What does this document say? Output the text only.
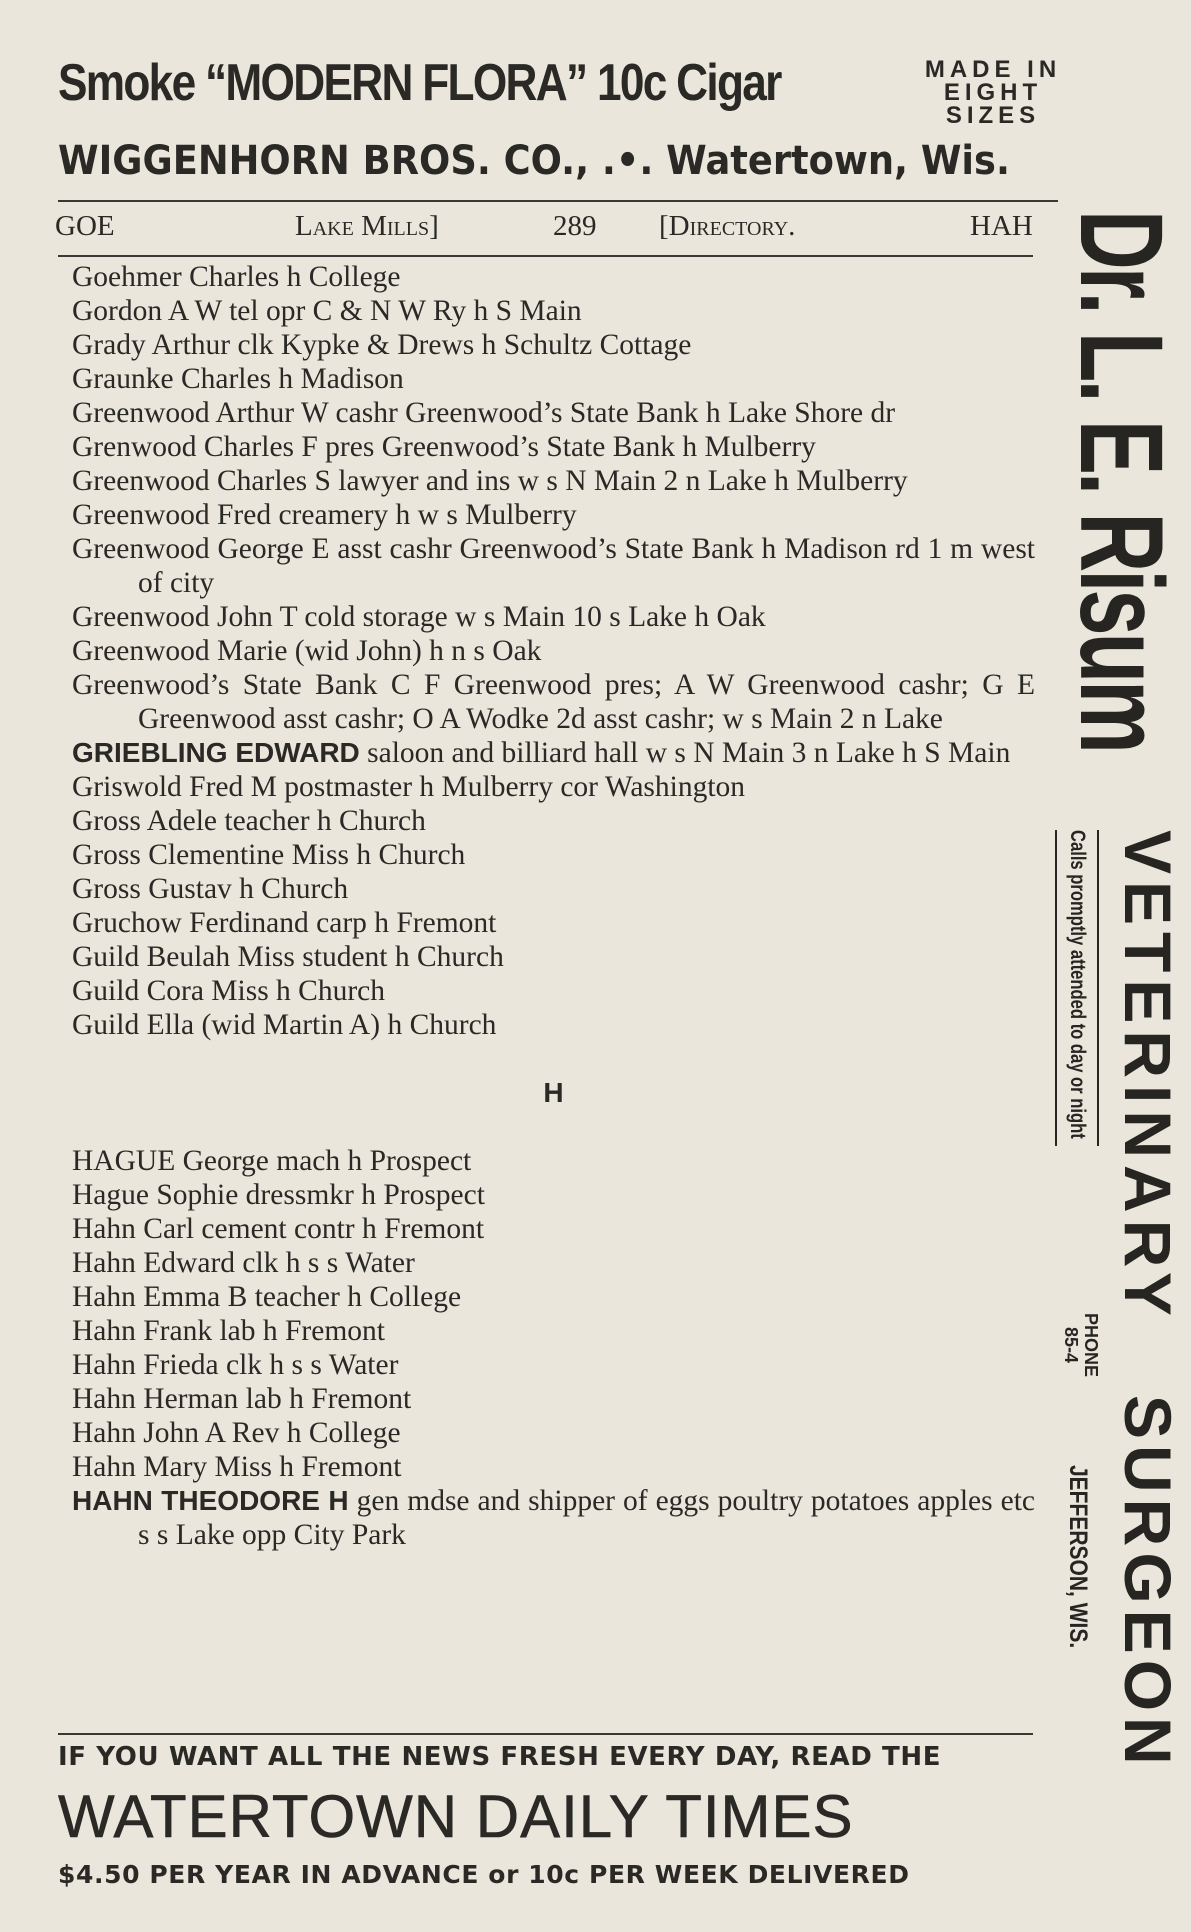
Smoke “MODERN FLORA” 10c Cigar	MADE IN
EIGHT
SIZES
WIGGENHORN BROS. CO., .•. Watertown, Wis.
GOE	Lake Mills]	289 [Directory.	HAH

Goehmer Charles h College

Gordon A W tel opr C & N W Ry h S Main

Grady Arthur clk Kypke & Drews h Schultz Cottage

Graunke Charles h Madison

Greenwood Arthur W cashr Greenwood’s State Bank h Lake Shore dr

Grenwood Charles F pres Greenwood’s State Bank h Mulberry

Greenwood Charles S lawyer and ins w s N Main 2 n Lake h Mulberry

Greenwood Fred creamery h w s Mulberry

Greenwood George E asst cashr Greenwood’s State Bank h Madison rd 1 m west of city

Greenwood John T cold storage w s Main 10 s Lake h Oak

Greenwood Marie (wid John) h n s Oak

Greenwood’s State Bank C F Greenwood pres; A W Greenwood cashr; G E Greenwood asst cashr; O A Wodke 2d asst cashr; w s Main 2 n Lake

GRIEBLING EDWARD saloon and billiard hall w s N Main 3 n Lake h S Main

Griswold Fred M postmaster h Mulberry cor Washington

Gross Adele teacher h Church

Gross Clementine Miss h Church

Gross Gustav h Church

Gruchow Ferdinand carp h Fremont

Guild Beulah Miss student h Church

Guild Cora Miss h Church

Guild Ella (wid Martin A) h Church

H

HAGUE George mach h Prospect

Hague Sophie dressmkr h Prospect

Hahn Carl cement contr h Fremont

Hahn Edward clk h s s Water

Hahn Emma B teacher h College

Hahn Frank lab h Fremont

Hahn Frieda clk h s s Water

Hahn Herman lab h Fremont

Hahn John A Rev h College

Hahn Mary Miss h Fremont

HAHN THEODORE H gen mdse and shipper of eggs poultry potatoes apples etc s s Lake opp City Park

Dr. L. E. Risum
VETERINARY
Calls promptly attended to day or night
PHONE
85-4
SURGEON
JEFFERSON, WIS.
IF YOU WANT ALL THE NEWS FRESH EVERY DAY, READ THE
WATERTOWN DAILY TIMES
$4.50 PER YEAR IN ADVANCE or 10c PER WEEK DELIVERED
